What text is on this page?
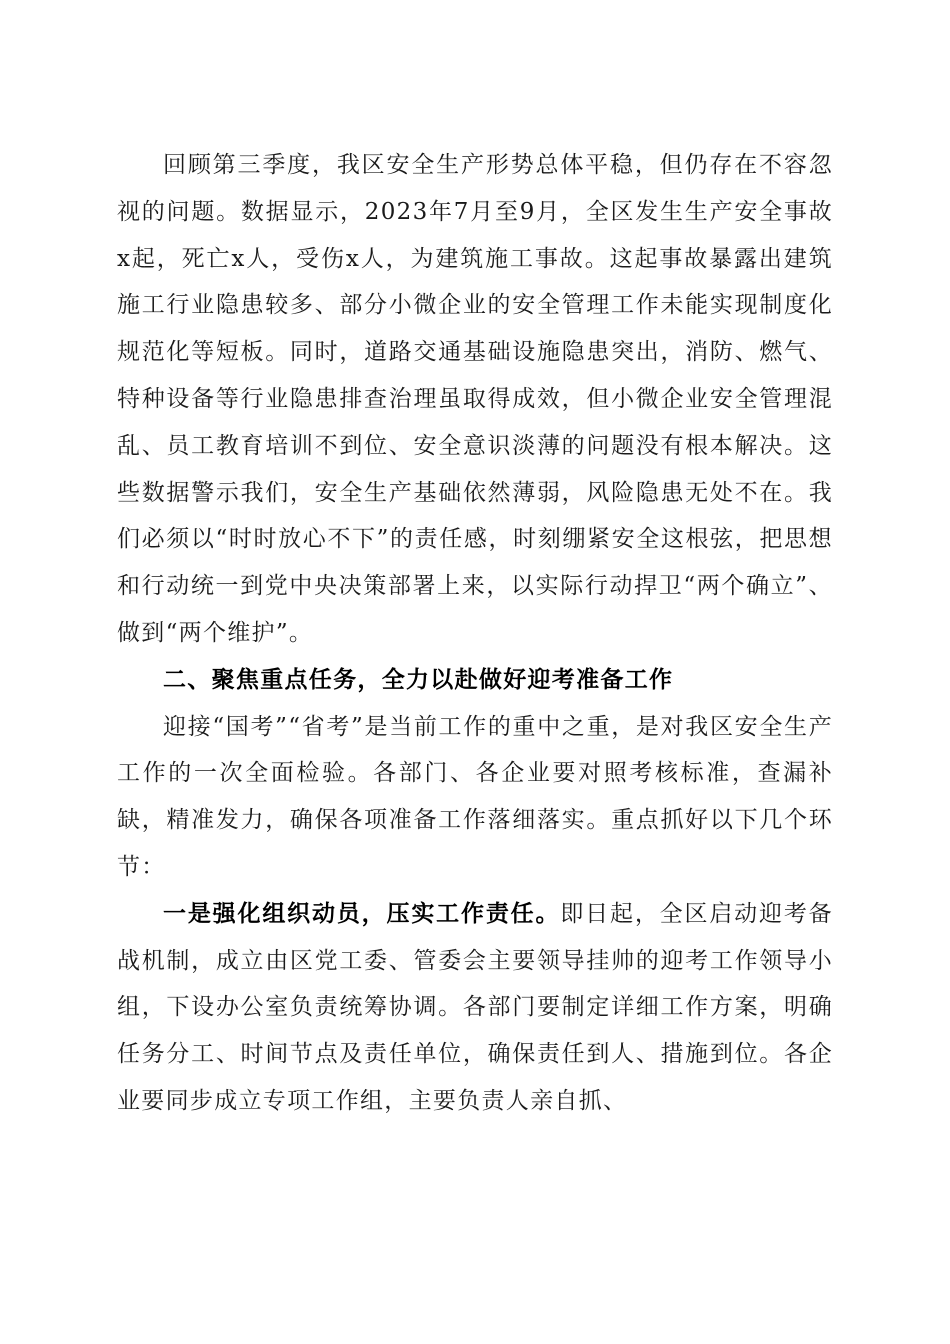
回顾第三季度，我区安全生产形势总体平稳，但仍存在不容忽视的问题。数据显示，2023年7月至9月，全区发生生产安全事故x起，死亡x人，受伤x人，为建筑施工事故。这起事故暴露出建筑施工行业隐患较多、部分小微企业的安全管理工作未能实现制度化规范化等短板。同时，道路交通基础设施隐患突出，消防、燃气、特种设备等行业隐患排查治理虽取得成效，但小微企业安全管理混乱、员工教育培训不到位、安全意识淡薄的问题没有根本解决。这些数据警示我们，安全生产基础依然薄弱，风险隐患无处不在。我们必须以“时时放心不下”的责任感，时刻绷紧安全这根弦，把思想和行动统一到党中央决策部署上来，以实际行动捍卫“两个确立”、做到“两个维护”。

二、聚焦重点任务，全力以赴做好迎考准备工作

迎接“国考”“省考”是当前工作的重中之重，是对我区安全生产工作的一次全面检验。各部门、各企业要对照考核标准，查漏补缺，精准发力，确保各项准备工作落细落实。重点抓好以下几个环节：

一是强化组织动员，压实工作责任。即日起，全区启动迎考备战机制，成立由区党工委、管委会主要领导挂帅的迎考工作领导小组，下设办公室负责统筹协调。各部门要制定详细工作方案，明确任务分工、时间节点及责任单位，确保责任到人、措施到位。各企业要同步成立专项工作组，主要负责人亲自抓、
